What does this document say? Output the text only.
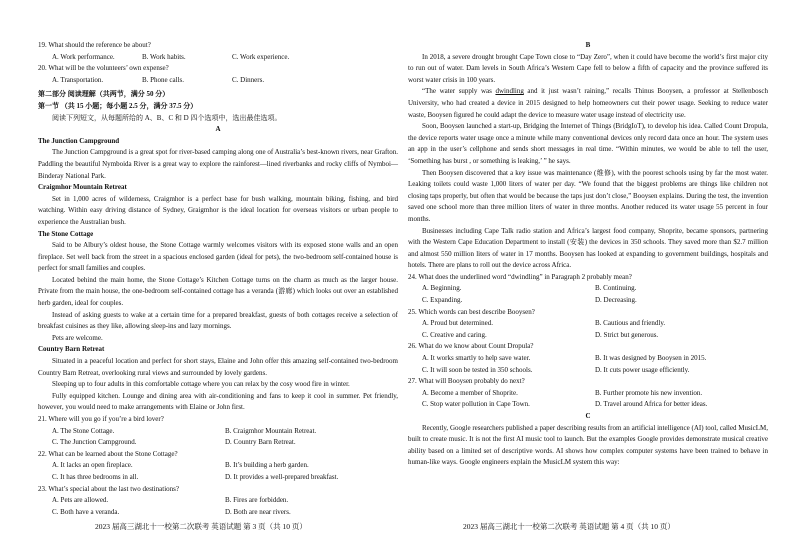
19. What should the reference be about?
A. Work performance.	B. Work habits.	C. Work experience.
20. What will be the volunteers’ own expense?
A. Transportation.	B. Phone calls.	C. Dinners.
第二部分 阅读理解（共两节，满分 50 分）
第一节 （共 15 小题；每小题 2.5 分，满分 37.5 分）
阅读下列短文，从每题所给的 A、B、C 和 D 四个选项中，选出最佳选项。
A
The Junction Campground
The Junction Campground is a great spot for river-based camping along one of Australia’s best-known rivers, near Grafton. Paddling the beautiful Nymboida River is a great way to explore the rainforest—lined riverbanks and rocky cliffs of Nymboi—Binderay National Park.
Craigmhor Mountain Retreat
Set in 1,000 acres of wilderness, Craigmhor is a perfect base for bush walking, mountain biking, fishing, and bird watching. Within easy driving distance of Sydney, Graigmhor is the ideal location for overseas visitors or urban people to experience the Australian bush.
The Stone Cottage
Said to be Albury’s oldest house, the Stone Cottage warmly welcomes visitors with its exposed stone walls and an open fireplace. Set well back from the street in a spacious enclosed garden (ideal for pets), the two-bedroom self-contained house is perfect for small families and couples.
Located behind the main home, the Stone Cottage’s Kitchen Cottage turns on the charm as much as the larger house. Private from the main house, the one-bedroom self-contained cottage has a veranda (游廊) which looks out over an established herb garden, ideal for couples.
Instead of asking guests to wake at a certain time for a prepared breakfast, guests of both cottages receive a selection of breakfast cuisines as they like, allowing sleep-ins and lazy mornings.
Pets are welcome.
Country Barn Retreat
Situated in a peaceful location and perfect for short stays, Elaine and John offer this amazing self-contained two-bedroom Country Barn Retreat, overlooking rural views and surrounded by lovely gardens.
Sleeping up to four adults in this comfortable cottage where you can relax by the cosy wood fire in winter.
Fully equipped kitchen. Lounge and dining area with air-conditioning and fans to keep it cool in summer. Pet friendly, however, you would need to make arrangements with Elaine or John first.
21. Where will you go if you’re a bird lover?
A. The Stone Cottage.	B. Craigmhor Mountain Retreat.
C. The Junction Campground.	D. Country Barn Retreat.
22. What can be learned about the Stone Cottage?
A. It lacks an open fireplace.	B. It’s building a herb garden.
C. It has three bedrooms in all.	D. It provides a well-prepared breakfast.
23. What’s special about the last two destinations?
A. Pets are allowed.	B. Fires are forbidden.
C. Both have a veranda.	D. Both are near rivers.
B
In 2018, a severe drought brought Cape Town close to “Day Zero”, when it could have become the world’s first major city to run out of water. Dam levels in South Africa’s Western Cape fell to below a fifth of capacity and the province suffered its worst water crisis in 100 years.
“The water supply was dwindling and it just wasn’t raining,” recalls Thinus Booysen, a professor at Stellenbosch University, who had created a device in 2015 designed to help homeowners cut their power usage. Seeking to reduce water waste, Booysen figured he could adapt the device to measure water usage instead of electricity use.
Soon, Booysen launched a start-up, Bridging the Internet of Things (BridgIoT), to develop his idea. Called Count Dropula, the device reports water usage once a minute while many conventional devices only record data once an hour. The system uses an app in the user’s cellphone and sends short messages in real time. “Within minutes, we would be able to tell the user, ‘Something has burst , or something is leaking,’ ” he says.
Then Booysen discovered that a key issue was maintenance (维修), with the poorest schools using by far the most water. Leaking toilets could waste 1,000 liters of water per day. “We found that the biggest problems are things like children not closing taps properly, but often that would be because the taps just don’t close,” Booysen explains. During the test, the invention saved one school more than three million liters of water in three months. Another reduced its water usage 55 percent in four months.
Businesses including Cape Talk radio station and Africa’s largest food company, Shoprite, became sponsors, partnering with the Western Cape Education Department to install (安装) the devices in 350 schools. They saved more than $2.7 million and almost 550 million liters of water in 17 months. Booysen has looked at expanding to government buildings, hospitals and hotels. There are plans to roll out the device across Africa.
24. What does the underlined word “dwindling” in Paragraph 2 probably mean?
A. Beginning.	B. Continuing.
C. Expanding.	D. Decreasing.
25. Which words can best describe Booysen?
A. Proud but determined.	B. Cautious and friendly.
C. Creative and caring.	D. Strict but generous.
26. What do we know about Count Dropula?
A. It works smartly to help save water.	B. It was designed by Booysen in 2015.
C. It will soon be tested in 350 schools.	D. It cuts power usage efficiently.
27. What will Booysen probably do next?
A. Become a member of Shoprite.	B. Further promote his new invention.
C. Stop water pollution in Cape Town.	D. Travel around Africa for better ideas.
C
Recently, Google researchers published a paper describing results from an artificial intelligence (AI) tool, called MusicLM, built to create music. It is not the first AI music tool to launch. But the examples Google provides demonstrate musical creative ability based on a limited set of descriptive words. AI shows how complex computer systems have been trained to behave in human-like ways. Google engineers explain the MusicLM system this way:
2023 届高三湖北十一校第二次联考 英语试题 第 3 页（共 10 页）	2023 届高三湖北十一校第二次联考 英语试题 第 4 页（共 10 页）
